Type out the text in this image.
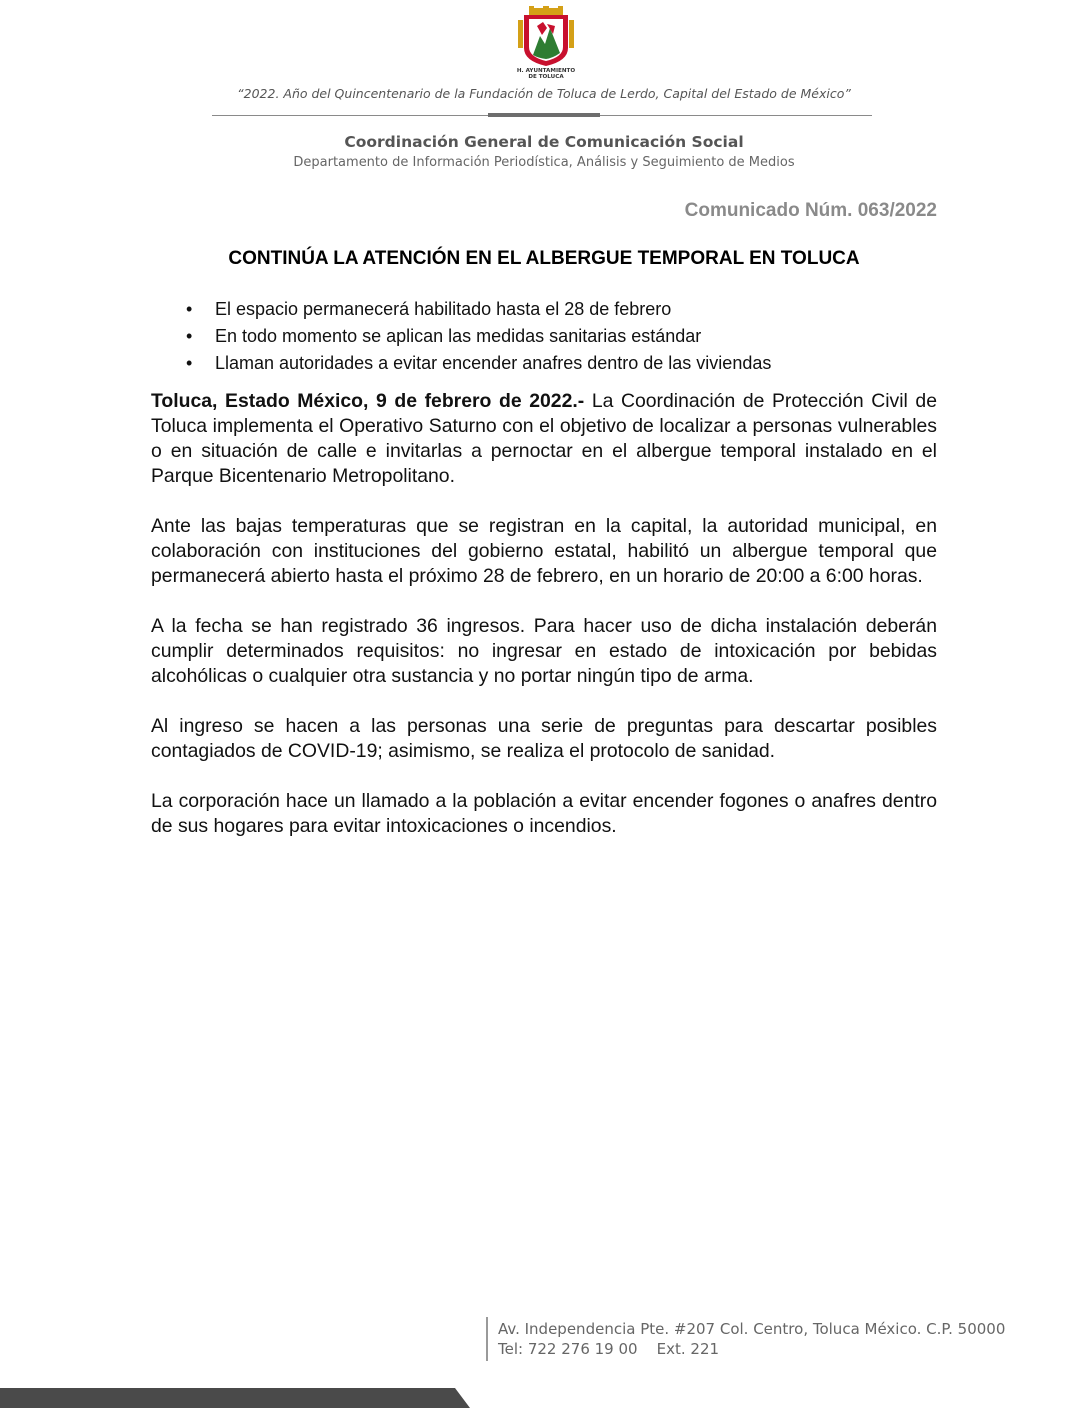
H. AYUNTAMIENTO
DE TOLUCA
“2022. Año del Quincentenario de la Fundación de Toluca de Lerdo, Capital del Estado de México”
Coordinación General de Comunicación Social
Departamento de Información Periodística, Análisis y Seguimiento de Medios
Comunicado Núm. 063/2022
CONTINÚA LA ATENCIÓN EN EL ALBERGUE TEMPORAL EN TOLUCA
• El espacio permanecerá habilitado hasta el 28 de febrero
• En todo momento se aplican las medidas sanitarias estándar
• Llaman autoridades a evitar encender anafres dentro de las viviendas

Toluca, Estado México, 9 de febrero de 2022.- La Coordinación de Protección Civil de Toluca implementa el Operativo Saturno con el objetivo de localizar a personas vulnerables o en situación de calle e invitarlas a pernoctar en el albergue temporal instalado en el Parque Bicentenario Metropolitano.

Ante las bajas temperaturas que se registran en la capital, la autoridad municipal, en colaboración con instituciones del gobierno estatal, habilitó un albergue temporal que permanecerá abierto hasta el próximo 28 de febrero, en un horario de 20:00 a 6:00 horas.

A la fecha se han registrado 36 ingresos. Para hacer uso de dicha instalación deberán cumplir determinados requisitos: no ingresar en estado de intoxicación por bebidas alcohólicas o cualquier otra sustancia y no portar ningún tipo de arma.

Al ingreso se hacen a las personas una serie de preguntas para descartar posibles contagiados de COVID-19; asimismo, se realiza el protocolo de sanidad.

La corporación hace un llamado a la población a evitar encender fogones o anafres dentro de sus hogares para evitar intoxicaciones o incendios.

Av. Independencia Pte. #207 Col. Centro, Toluca México. C.P. 50000
Tel: 722 276 19 00    Ext. 221
